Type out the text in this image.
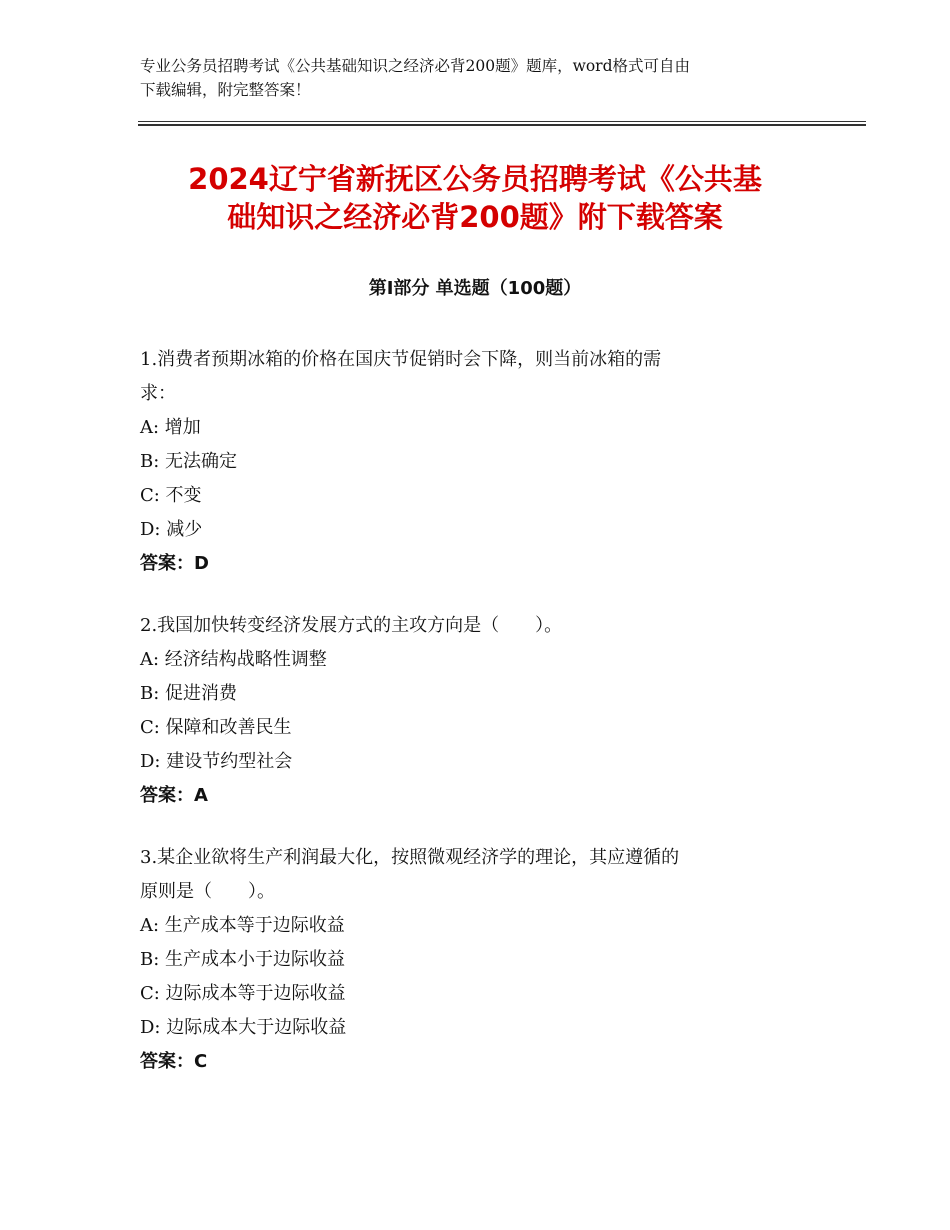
专业公务员招聘考试《公共基础知识之经济必背200题》题库，word格式可自由
下载编辑，附完整答案！
2024辽宁省新抚区公务员招聘考试《公共基
础知识之经济必背200题》附下载答案
第Ⅰ部分 单选题（100题）
1.消费者预期冰箱的价格在国庆节促销时会下降，则当前冰箱的需
求：
A: 增加
B: 无法确定
C: 不变
D: 减少
答案：D
2.我国加快转变经济发展方式的主攻方向是（　　）。
A: 经济结构战略性调整
B: 促进消费
C: 保障和改善民生
D: 建设节约型社会
答案：A
3.某企业欲将生产利润最大化，按照微观经济学的理论，其应遵循的
原则是（　　）。
A: 生产成本等于边际收益
B: 生产成本小于边际收益
C: 边际成本等于边际收益
D: 边际成本大于边际收益
答案：C
